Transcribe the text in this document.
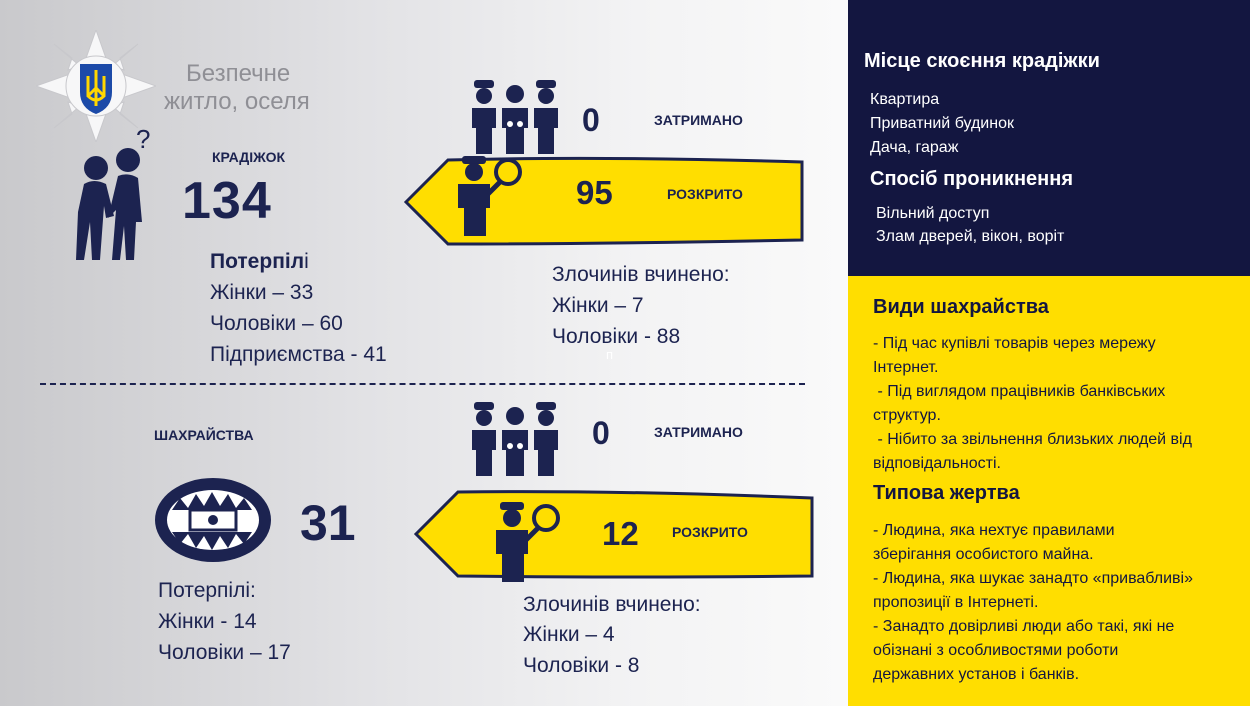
Безпечне
житло, оселя
?
КРАДІЖОК
134
0	ЗАТРИМАНО
95	РОЗКРИТО
Потерпілі
Жінки – 33
Чоловіки – 60
Підприємства - 41
Злочинів вчинено:
Жінки – 7
Чоловіки - 88
п
ШАХРАЙСТВА
31
0	ЗАТРИМАНО
12 РОЗКРИТО
Потерпілі:
Жінки - 14
Чоловіки – 17
Злочинів вчинено:
Жінки – 4
Чоловіки - 8
Місце скоєння крадіжки
Квартира
Приватний будинок
Дача, гараж
Спосіб проникнення
Вільний доступ
Злам дверей, вікон, воріт
Види шахрайства
- Під час купівлі товарів через мережу
Інтернет.
- Під виглядом працівників банківських
структур.
- Нібито за звільнення близьких людей від
відповідальності.
Типова жертва
- Людина, яка нехтує правилами
зберігання особистого майна.
- Людина, яка шукає занадто «привабливі»
пропозиції в Інтернеті.
- Занадто довірливі люди або такі, які не
обізнані з особливостями роботи
державних установ і банків.
